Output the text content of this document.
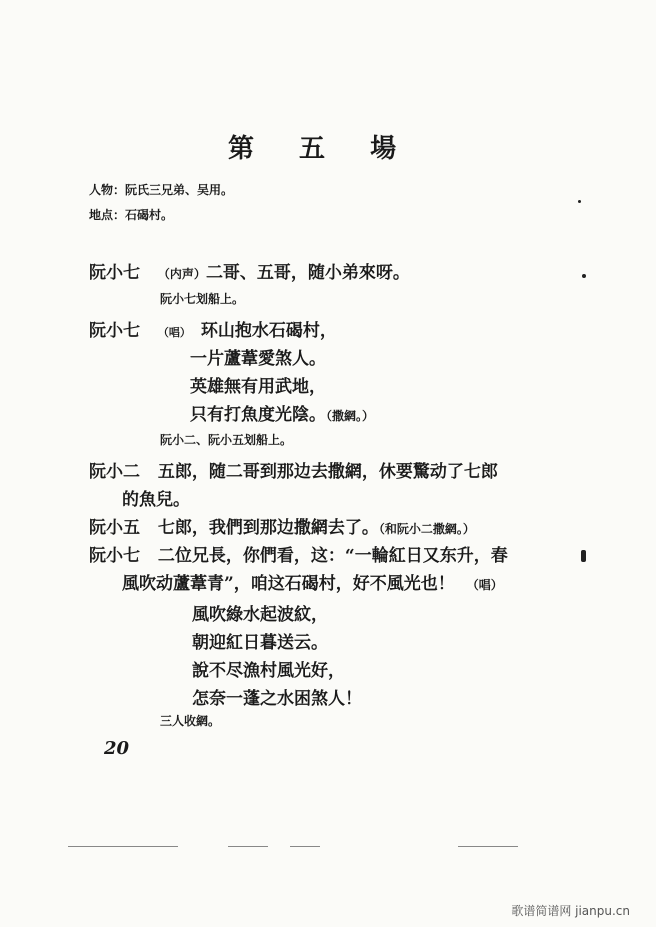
第 五 場
人物：阮氏三兄弟、吴用。
地点：石碣村。
阮小七 （内声）二哥、五哥，随小弟來呀。
阮小七划船上。
阮小七 （唱） 环山抱水石碣村，
一片蘆葦愛煞人。
英雄無有用武地，
只有打魚度光陰。（撒網。）
阮小二、阮小五划船上。
阮小二 五郎，随二哥到那边去撒網，休要驚动了七郎
的魚兒。
阮小五 七郎，我們到那边撒網去了。（和阮小二撒網。）
阮小七 二位兄長，你們看，这：“一輪紅日又东升，春
風吹动蘆葦青”，咱这石碣村，好不風光也！ （唱）
風吹綠水起波紋，
朝迎紅日暮送云。
說不尽漁村風光好，
怎奈一蓬之水困煞人！
三人收網。
20
歌谱简谱网 jianpu.cn
